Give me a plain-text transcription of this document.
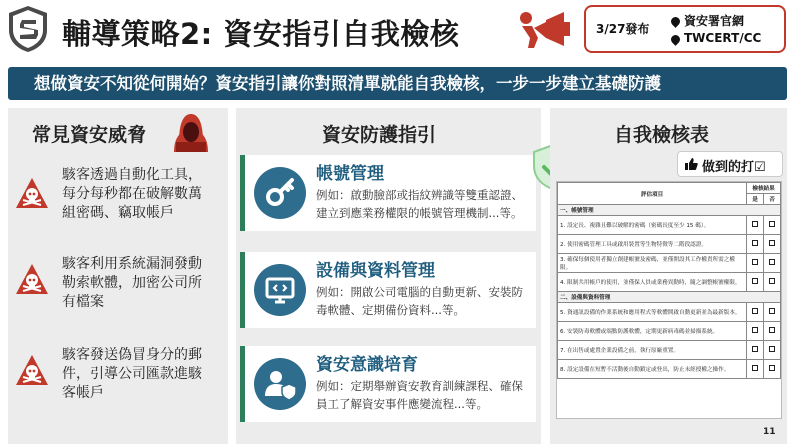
輔導策略2: 資安指引自我檢核	3/27發布
資安署官網
TWCERT/CC
想做資安不知從何開始？資安指引讓你對照清單就能自我檢核，一步一步建立基礎防護
常見資安威脅
駭客透過自動化工具，每分每秒都在破解數萬組密碼、竊取帳戶
駭客利用系統漏洞發動勒索軟體，加密公司所有檔案
駭客發送偽冒身分的郵件，引導公司匯款進駭客帳戶
資安防護指引
帳號管理
例如：啟動臉部或指紋辨識等雙重認證、建立到應業務權限的帳號管理機制...等。
設備與資料管理
例如：開啟公司電腦的自動更新、安裝防毒軟體、定期備份資料...等。
資安意識培育
例如：定期舉辦資安教育訓練課程、確保員工了解資安事件應變流程...等。
自我檢核表
做到的打☑
評估項目	檢核結果	
	是	否
一、帳號管理		
1. 設定長、複雜且難以破解的密碼（密碼長度至少 15 碼）。		
2. 使用密碼管理工具或啟用裝置等生物特徵等二階段認證。		
3. 確保每個使用者獨立創建帳號及密碼，並僅開設其工作權責所需之權限。		
4. 限制共用帳戶的使用，並僅保人員或業務異動時，隨之調整帳號權限。		
二、設備與資料管理		
5. 資通訊設備的作業系統和應用程式等軟體開啟自動更新並為最新版本。		
6. 安裝防毒軟體或端點防護軟體，定期更新病毒碼並掃描系統。		
7. 在出售或處置企業設備之前，執行原廠重置。		
8. 設定設備在短暫不活動後自動鎖定或登出，防止未經授權之操作。		
11
